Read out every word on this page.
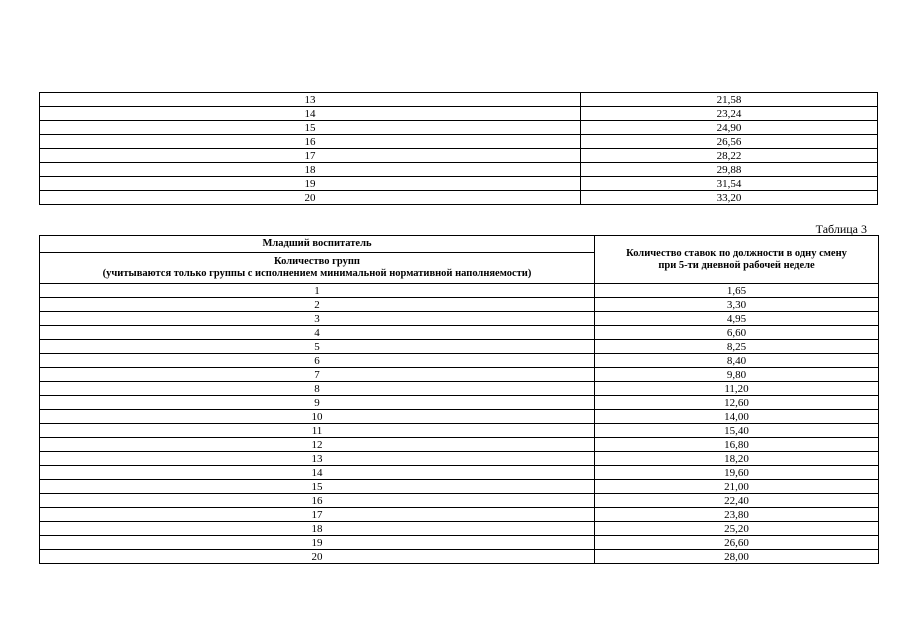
13	21,58
14	23,24
15	24,90
16	26,56
17	28,22
18	29,88
19	31,54
20	33,20
Таблица 3
Младший воспитатель	Количество ставок по должности в одну смену
при 5-ти дневной рабочей неделе

Количество групп
(учитываются только группы с исполнением минимальной нормативной наполняемости)	

1	1,65
2	3,30
3	4,95
4	6,60
5	8,25
6	8,40
7	9,80
8	11,20
9	12,60
10	14,00
11	15,40
12	16,80
13	18,20
14	19,60
15	21,00
16	22,40
17	23,80
18	25,20
19	26,60
20	28,00
